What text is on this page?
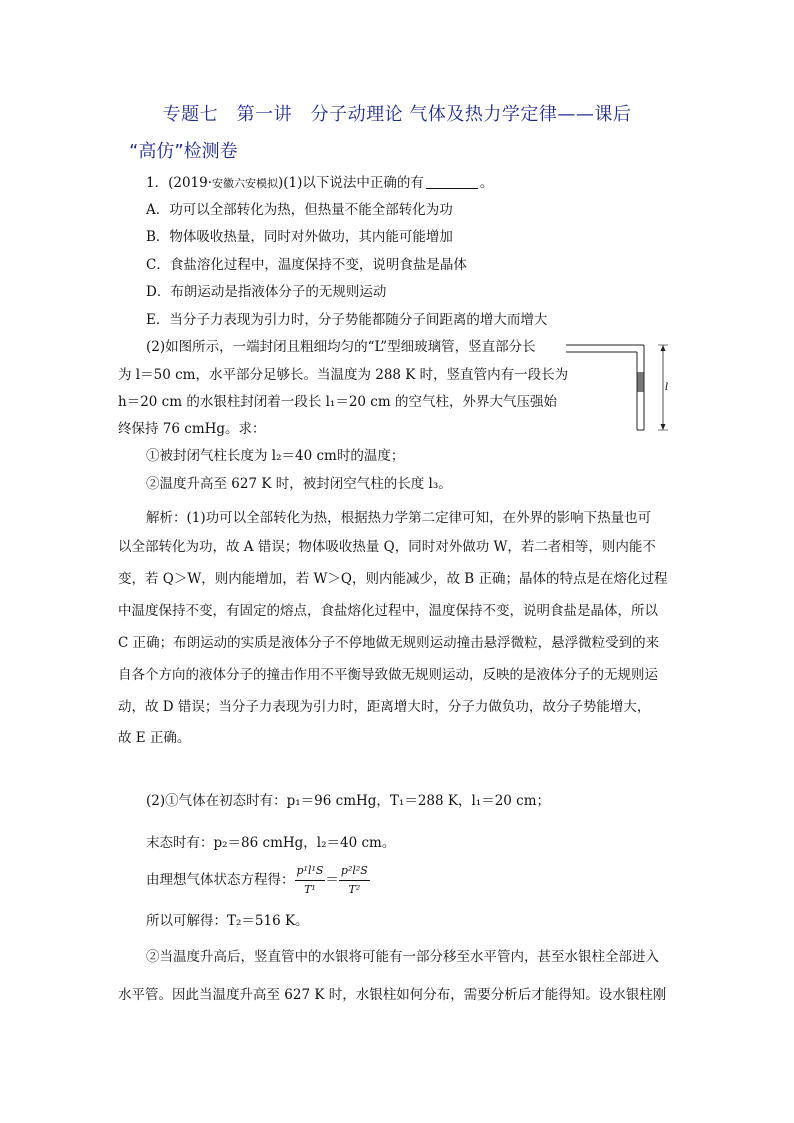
专题七　第一讲　分子动理论 气体及热力学定律——课后
“高仿”检测卷
1．(2019·安徽六安模拟)(1)以下说法中正确的有	。
A．功可以全部转化为热，但热量不能全部转化为功
B．物体吸收热量，同时对外做功，其内能可能增加
C．食盐溶化过程中，温度保持不变，说明食盐是晶体
D．布朗运动是指液体分子的无规则运动
E．当分子力表现为引力时，分子势能都随分子间距离的增大而增大
(2)如图所示，一端封闭且粗细均匀的“L”型细玻璃管，竖直部分长
为 l＝50 cm，水平部分足够长。当温度为 288 K 时，竖直管内有一段长为
h＝20 cm 的水银柱封闭着一段长 l₁＝20 cm 的空气柱，外界大气压强始
终保持 76 cmHg。求：
①被封闭气柱长度为 l₂＝40 cm时的温度；
②温度升高至 627 K 时，被封闭空气柱的长度 l₃。
l
解析：(1)功可以全部转化为热，根据热力学第二定律可知，在外界的影响下热量也可
以全部转化为功，故 A 错误；物体吸收热量 Q，同时对外做功 W，若二者相等，则内能不
变，若 Q＞W，则内能增加，若 W＞Q，则内能减少，故 B 正确；晶体的特点是在熔化过程
中温度保持不变，有固定的熔点，食盐熔化过程中，温度保持不变，说明食盐是晶体，所以
C 正确；布朗运动的实质是液体分子不停地做无规则运动撞击悬浮微粒，悬浮微粒受到的来
自各个方向的液体分子的撞击作用不平衡导致做无规则运动，反映的是液体分子的无规则运
动，故 D 错误；当分子力表现为引力时，距离增大时，分子力做负功，故分子势能增大，
故 E 正确。
(2)①气体在初态时有：p₁＝96 cmHg，T₁＝288 K，l₁＝20 cm；
末态时有：p₂＝86 cmHg，l₂＝40 cm。
由理想气体状态方程得： $\frac{\text{p¹l¹S}}{\text{T¹}} = \frac{\text{p²l²S}}{\text{T²}}$
所以可解得：T₂＝516 K。
②当温度升高后，竖直管中的水银将可能有一部分移至水平管内，甚至水银柱全部进入
水平管。因此当温度升高至 627 K 时，水银柱如何分布，需要分析后才能得知。设水银柱刚
